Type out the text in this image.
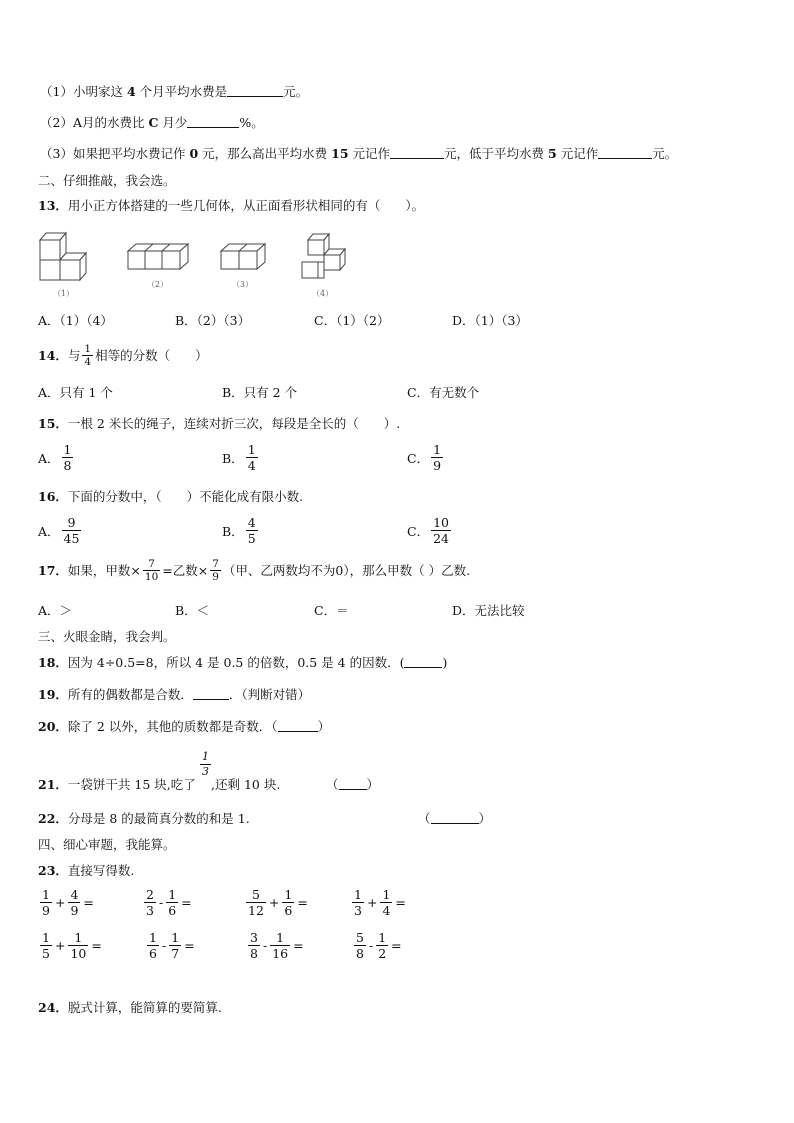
（1）小明家这 4 个月平均水费是	元。
（2）A月的水费比 C 月少	%。
（3）如果把平均水费记作 0 元，那么高出平均水费 15 元记作	元，低于平均水费 5 元记作	元。
二、仔细推敲，我会选。
13．用小正方体搭建的一些几何体，从正面看形状相同的有（　　）。
（1）
（2）	（3）
（4）
A．（1）（4）	B．（2）（3）	C．（1）（2）	D．（1）（3）
14． 与 $\frac{1}{4}$ 相等的分数（　　）
A．只有 1 个	B．只有 2 个	C．有无数个
15．一根 2 米长的绳子，连续对折三次，每段是全长的（　　）.
A． $\frac{1}{8}$	B． $\frac{1}{4}$	C． $\frac{1}{9}$
16．下面的分数中，（　　）不能化成有限小数.
A． $\frac{9}{45}$	B． $\frac{4}{5}$	C． $\frac{10}{24}$
17． 如果，甲数× $\frac{7}{10}$ =乙数× $\frac{7}{9}$ （甲、乙两数均不为0），那么甲数（ ）乙数.
A．＞	B．＜	C．＝	D．无法比较
三、火眼金睛，我会判。
18．因为 4÷0.5=8，所以 4 是 0.5 的倍数，0.5 是 4 的因数．(	)
19．所有的偶数都是合数．	．（判断对错）
20．除了 2 以外，其他的质数都是奇数．（	）
21．一袋饼干共 15 块,吃了
1
3
,还剩 10 块.	（ ）
22．分母是 8 的最简真分数的和是 1.	（	）
四、细心审题，我能算。
23．直接写得数.
$\frac{1}{9} + \frac{4}{9}$ =	$\frac{2}{3} - \frac{1}{6}$ =	$\frac{5}{12} + \frac{1}{6}$ =	$\frac{1}{3} + \frac{1}{4}$ =
$\frac{1}{5} + \frac{1}{10}$ =	$\frac{1}{6} - \frac{1}{7}$ =	$\frac{3}{8} - \frac{1}{16}$ =	$\frac{5}{8} - \frac{1}{2}$ =
24．脱式计算，能简算的要简算.
